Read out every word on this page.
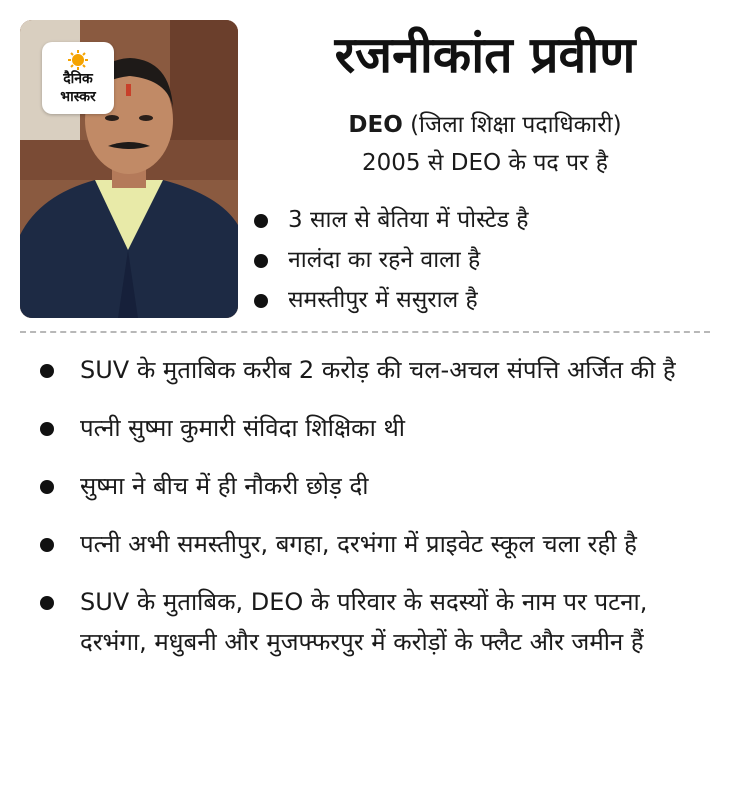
दैनिक
भास्कर
रजनीकांत प्रवीण
DEO (जिला शिक्षा पदाधिकारी)
2005 से DEO के पद पर है
3 साल से बेतिया में पोस्टेड है
नालंदा का रहने वाला है
समस्तीपुर में ससुराल है
SUV के मुताबिक करीब 2 करोड़ की चल-अचल संपत्ति अर्जित की है
पत्नी सुष्मा कुमारी संविदा शिक्षिका थी
सुष्मा ने बीच में ही नौकरी छोड़ दी
पत्नी अभी समस्तीपुर, बगहा, दरभंगा में प्राइवेट स्कूल चला रही है
SUV के मुताबिक, DEO के परिवार के सदस्यों के नाम पर पटना, दरभंगा, मधुबनी और मुजफ्फरपुर में करोड़ों के फ्लैट और जमीन हैं
